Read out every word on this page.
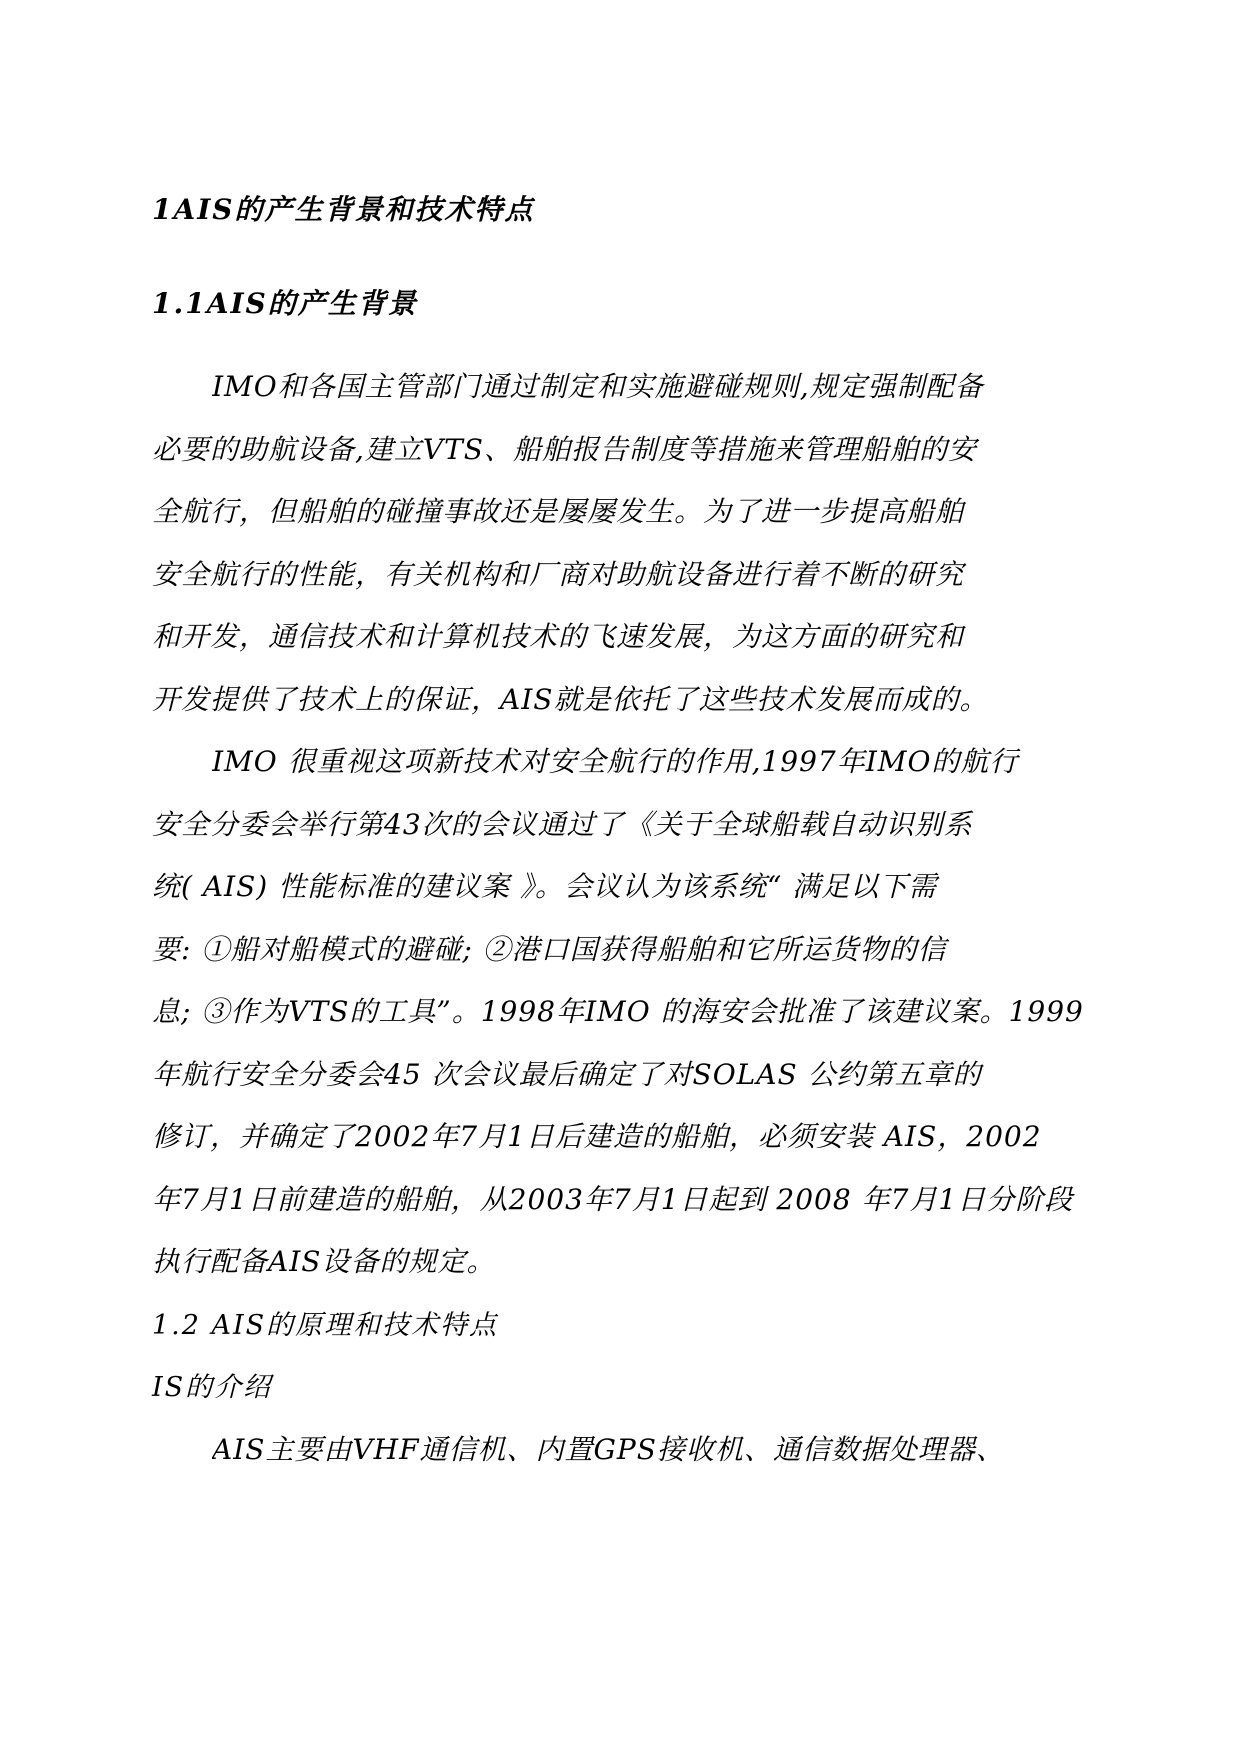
1AIS的产生背景和技术特点
1.1AIS的产生背景
IMO和各国主管部门通过制定和实施避碰规则,规定强制配备
必要的助航设备,建立VTS、船舶报告制度等措施来管理船舶的安
全航行，但船舶的碰撞事故还是屡屡发生。为了进一步提高船舶
安全航行的性能，有关机构和厂商对助航设备进行着不断的研究
和开发，通信技术和计算机技术的飞速发展，为这方面的研究和
开发提供了技术上的保证，AIS就是依托了这些技术发展而成的。
IMO 很重视这项新技术对安全航行的作用,1997年IMO的航行
安全分委会举行第43次的会议通过了《关于全球船载自动识别系
统( AIS) 性能标准的建议案 》。会议认为该系统“ 满足以下需
要: ①船对船模式的避碰; ②港口国获得船舶和它所运货物的信
息; ③作为VTS的工具”。1998年IMO 的海安会批准了该建议案。1999
年航行安全分委会45 次会议最后确定了对SOLAS 公约第五章的
修订，并确定了2002年7月1日后建造的船舶，必须安装 AIS，2002
年7月1日前建造的船舶，从2003年7月1日起到 2008 年7月1日分阶段
执行配备AIS设备的规定。
1.2 AIS的原理和技术特点
IS的介绍
AIS主要由VHF通信机、内置GPS接收机、通信数据处理器、
